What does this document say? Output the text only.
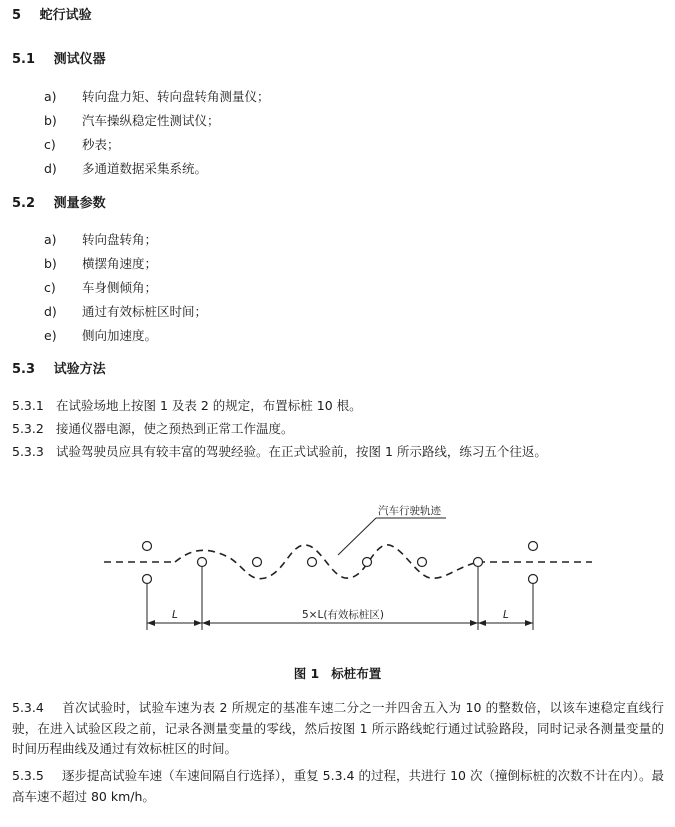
5 蛇行试验
5.1 测试仪器
a) 转向盘力矩、转向盘转角测量仪；
b) 汽车操纵稳定性测试仪；
c) 秒表；
d) 多通道数据采集系统。
5.2 测量参数
a) 转向盘转角；
b) 横摆角速度；
c) 车身侧倾角；
d) 通过有效标桩区时间；
e) 侧向加速度。
5.3 试验方法
5.3.1 在试验场地上按图 1 及表 2 的规定，布置标桩 10 根。
5.3.2 接通仪器电源，使之预热到正常工作温度。
5.3.3 试验驾驶员应具有较丰富的驾驶经验。在正式试验前，按图 1 所示路线，练习五个往返。
汽车行驶轨迹
L	5×L(有效标桩区)	L
图 1 标桩布置
5.3.4 首次试验时，试验车速为表 2 所规定的基准车速二分之一并四舍五入为 10 的整数倍，以该车速稳定直线行驶，在进入试验区段之前，记录各测量变量的零线，然后按图 1 所示路线蛇行通过试验路段，同时记录各测量变量的时间历程曲线及通过有效标桩区的时间。
5.3.5 逐步提高试验车速（车速间隔自行选择），重复 5.3.4 的过程，共进行 10 次（撞倒标桩的次数不计在内）。最高车速不超过 80 km/h。
